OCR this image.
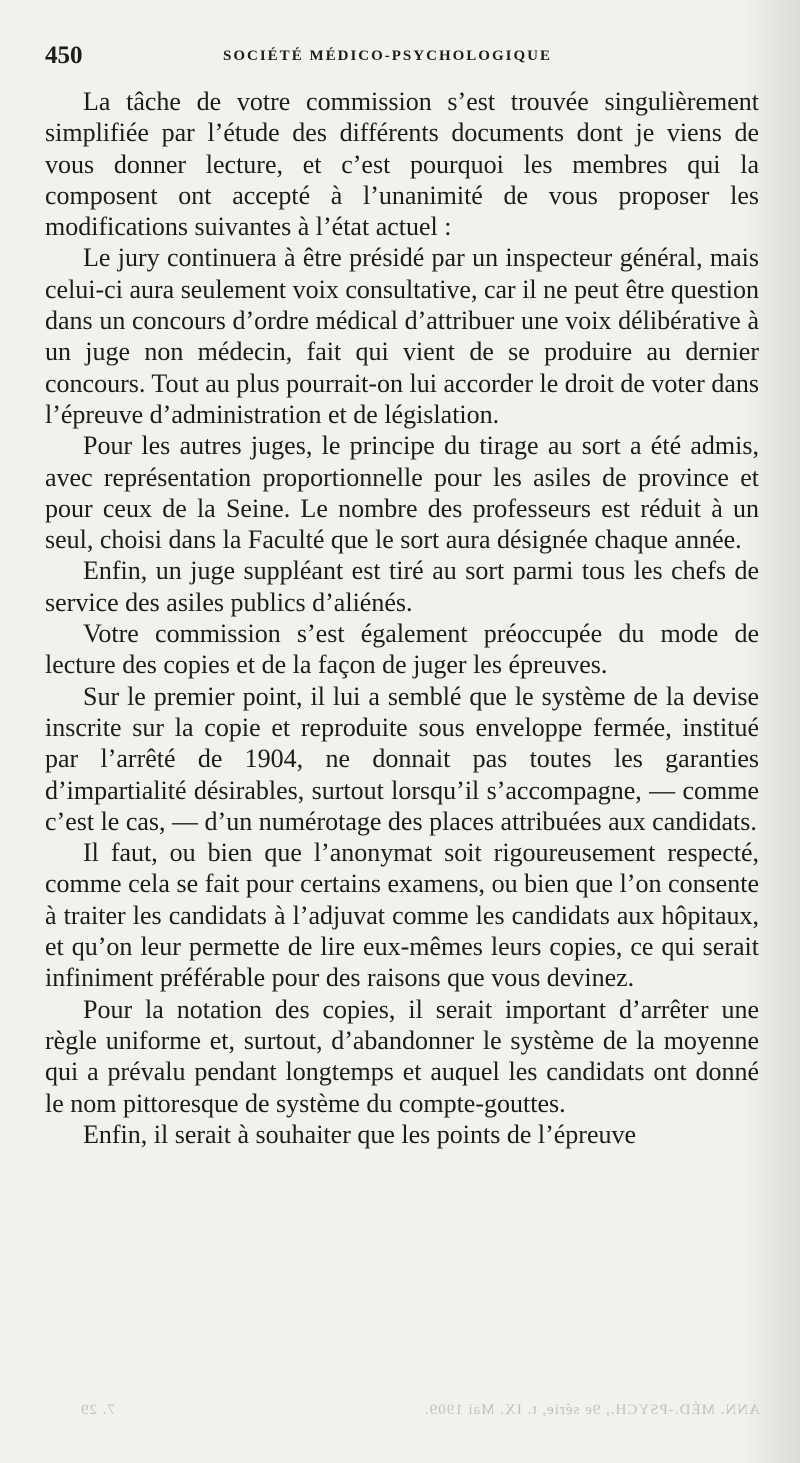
450	SOCIÉTÉ MÉDICO-PSYCHOLOGIQUE

La tâche de votre commission s’est trouvée singulièrement simplifiée par l’étude des différents documents dont je viens de vous donner lecture, et c’est pourquoi les membres qui la composent ont accepté à l’unanimité de vous proposer les modifications suivantes à l’état actuel :

Le jury continuera à être présidé par un inspecteur général, mais celui-ci aura seulement voix consultative, car il ne peut être question dans un concours d’ordre médical d’attribuer une voix délibérative à un juge non médecin, fait qui vient de se produire au dernier concours. Tout au plus pourrait-on lui accorder le droit de voter dans l’épreuve d’administration et de législation.

Pour les autres juges, le principe du tirage au sort a été admis, avec représentation proportionnelle pour les asiles de province et pour ceux de la Seine. Le nombre des professeurs est réduit à un seul, choisi dans la Faculté que le sort aura désignée chaque année.

Enfin, un juge suppléant est tiré au sort parmi tous les chefs de service des asiles publics d’aliénés.

Votre commission s’est également préoccupée du mode de lecture des copies et de la façon de juger les épreuves.

Sur le premier point, il lui a semblé que le système de la devise inscrite sur la copie et reproduite sous enveloppe fermée, institué par l’arrêté de 1904, ne donnait pas toutes les garanties d’impartialité désirables, surtout lorsqu’il s’accompagne, — comme c’est le cas, — d’un numérotage des places attribuées aux candidats.

Il faut, ou bien que l’anonymat soit rigoureusement respecté, comme cela se fait pour certains examens, ou bien que l’on consente à traiter les candidats à l’adjuvat comme les candidats aux hôpitaux, et qu’on leur permette de lire eux-mêmes leurs copies, ce qui serait infiniment préférable pour des raisons que vous devinez.

Pour la notation des copies, il serait important d’arrêter une règle uniforme et, surtout, d’abandonner le système de la moyenne qui a prévalu pendant longtemps et auquel les candidats ont donné le nom pittoresque de système du compte-gouttes.

Enfin, il serait à souhaiter que les points de l’épreuve

ANN. MÉD.-PSYCH., 9e série, t. IX. Mai 1909.
7. 29
